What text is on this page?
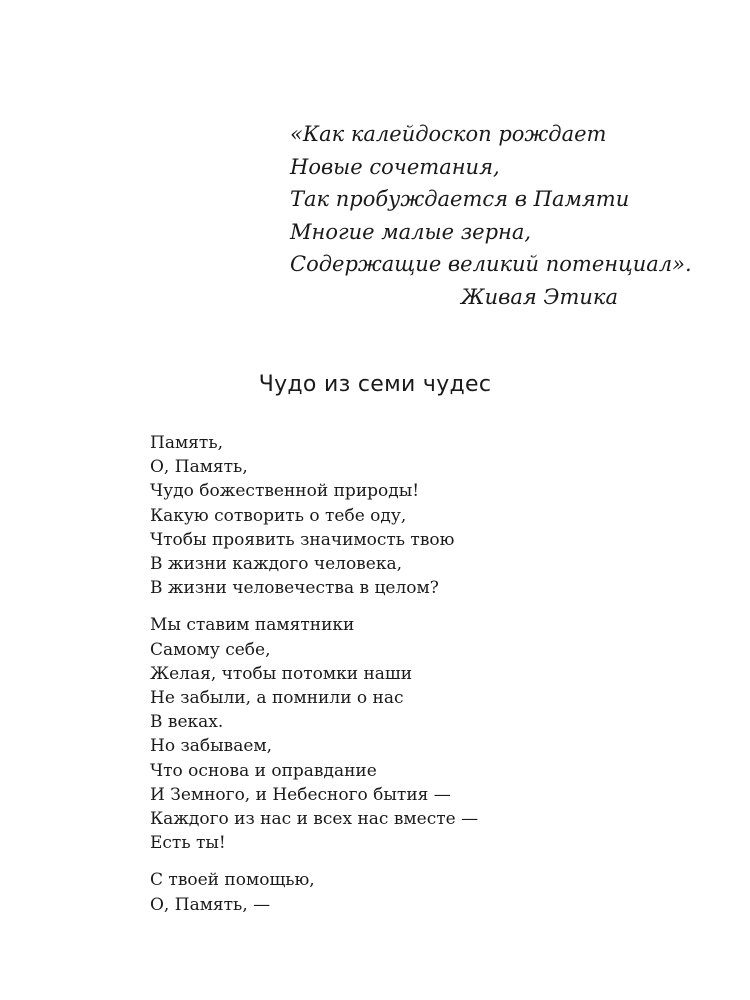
«Как калейдоскоп рождает
Новые сочетания,
Так пробуждается в Памяти
Многие малые зерна,
Содержащие великий потенциал».
Живая Этика
Чудо из семи чудес
Память,
О, Память,
Чудо божественной природы!
Какую сотворить о тебе оду,
Чтобы проявить значимость твою
В жизни каждого человека,
В жизни человечества в целом?
Мы ставим памятники
Самому себе,
Желая, чтобы потомки наши
Не забыли, а помнили о нас
В веках.
Но забываем,
Что основа и оправдание
И Земного, и Небесного бытия —
Каждого из нас и всех нас вместе —
Есть ты!
С твоей помощью,
О, Память, —
